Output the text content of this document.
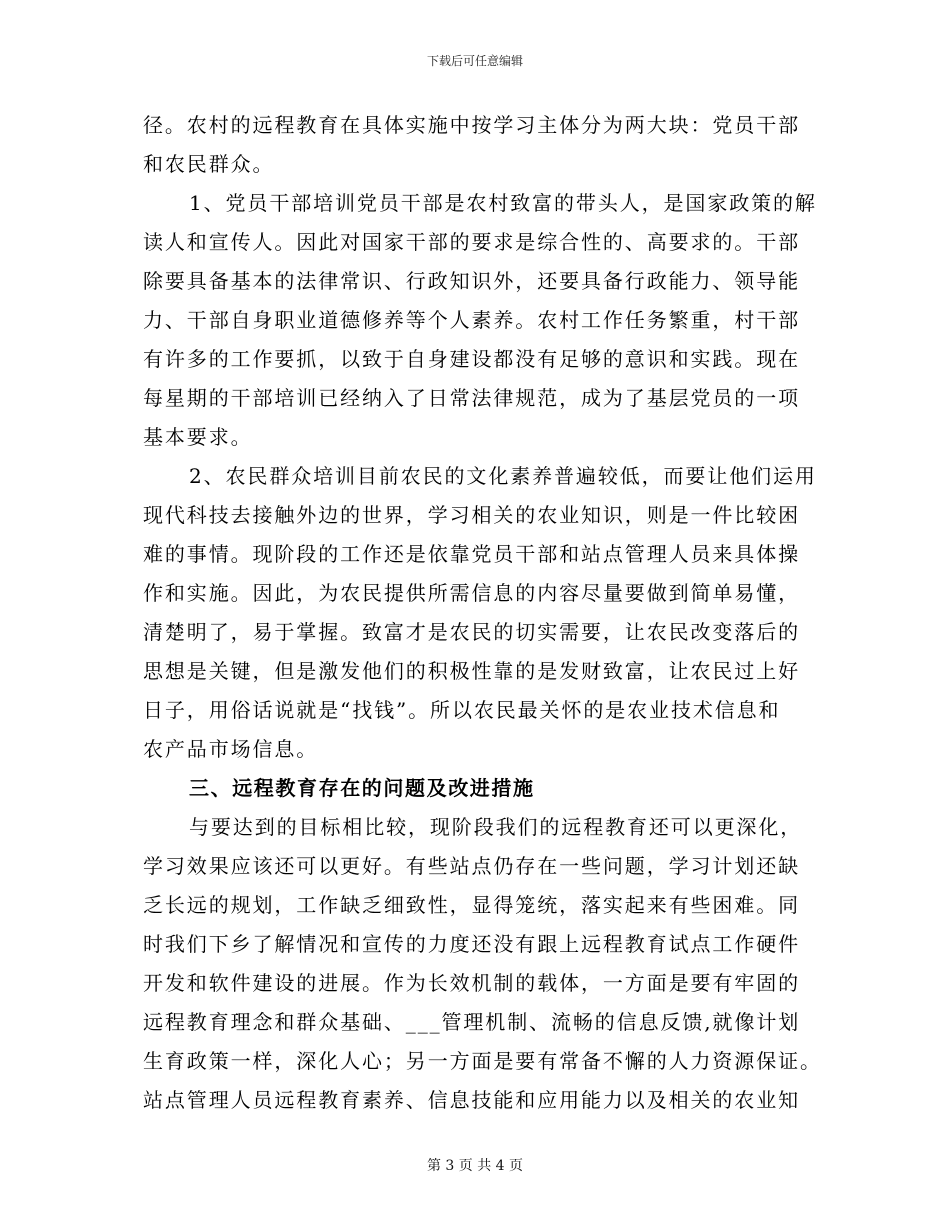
下载后可任意编辑
径。农村的远程教育在具体实施中按学习主体分为两大块：党员干部
和农民群众。
1、党员干部培训党员干部是农村致富的带头人，是国家政策的解
读人和宣传人。因此对国家干部的要求是综合性的、高要求的。干部
除要具备基本的法律常识、行政知识外，还要具备行政能力、领导能
力、干部自身职业道德修养等个人素养。农村工作任务繁重，村干部
有许多的工作要抓，以致于自身建设都没有足够的意识和实践。现在
每星期的干部培训已经纳入了日常法律规范，成为了基层党员的一项
基本要求。
2、农民群众培训目前农民的文化素养普遍较低，而要让他们运用
现代科技去接触外边的世界，学习相关的农业知识，则是一件比较困
难的事情。现阶段的工作还是依靠党员干部和站点管理人员来具体操
作和实施。因此，为农民提供所需信息的内容尽量要做到简单易懂，
清楚明了，易于掌握。致富才是农民的切实需要，让农民改变落后的
思想是关键，但是激发他们的积极性靠的是发财致富，让农民过上好
日子，用俗话说就是“找钱”。所以农民最关怀的是农业技术信息和
农产品市场信息。
三、远程教育存在的问题及改进措施
与要达到的目标相比较，现阶段我们的远程教育还可以更深化，
学习效果应该还可以更好。有些站点仍存在一些问题，学习计划还缺
乏长远的规划，工作缺乏细致性，显得笼统，落实起来有些困难。同
时我们下乡了解情况和宣传的力度还没有跟上远程教育试点工作硬件
开发和软件建设的进展。作为长效机制的载体，一方面是要有牢固的
远程教育理念和群众基础、___管理机制、流畅的信息反馈,就像计划
生育政策一样，深化人心；另一方面是要有常备不懈的人力资源保证。
站点管理人员远程教育素养、信息技能和应用能力以及相关的农业知
第 3 页 共 4 页
